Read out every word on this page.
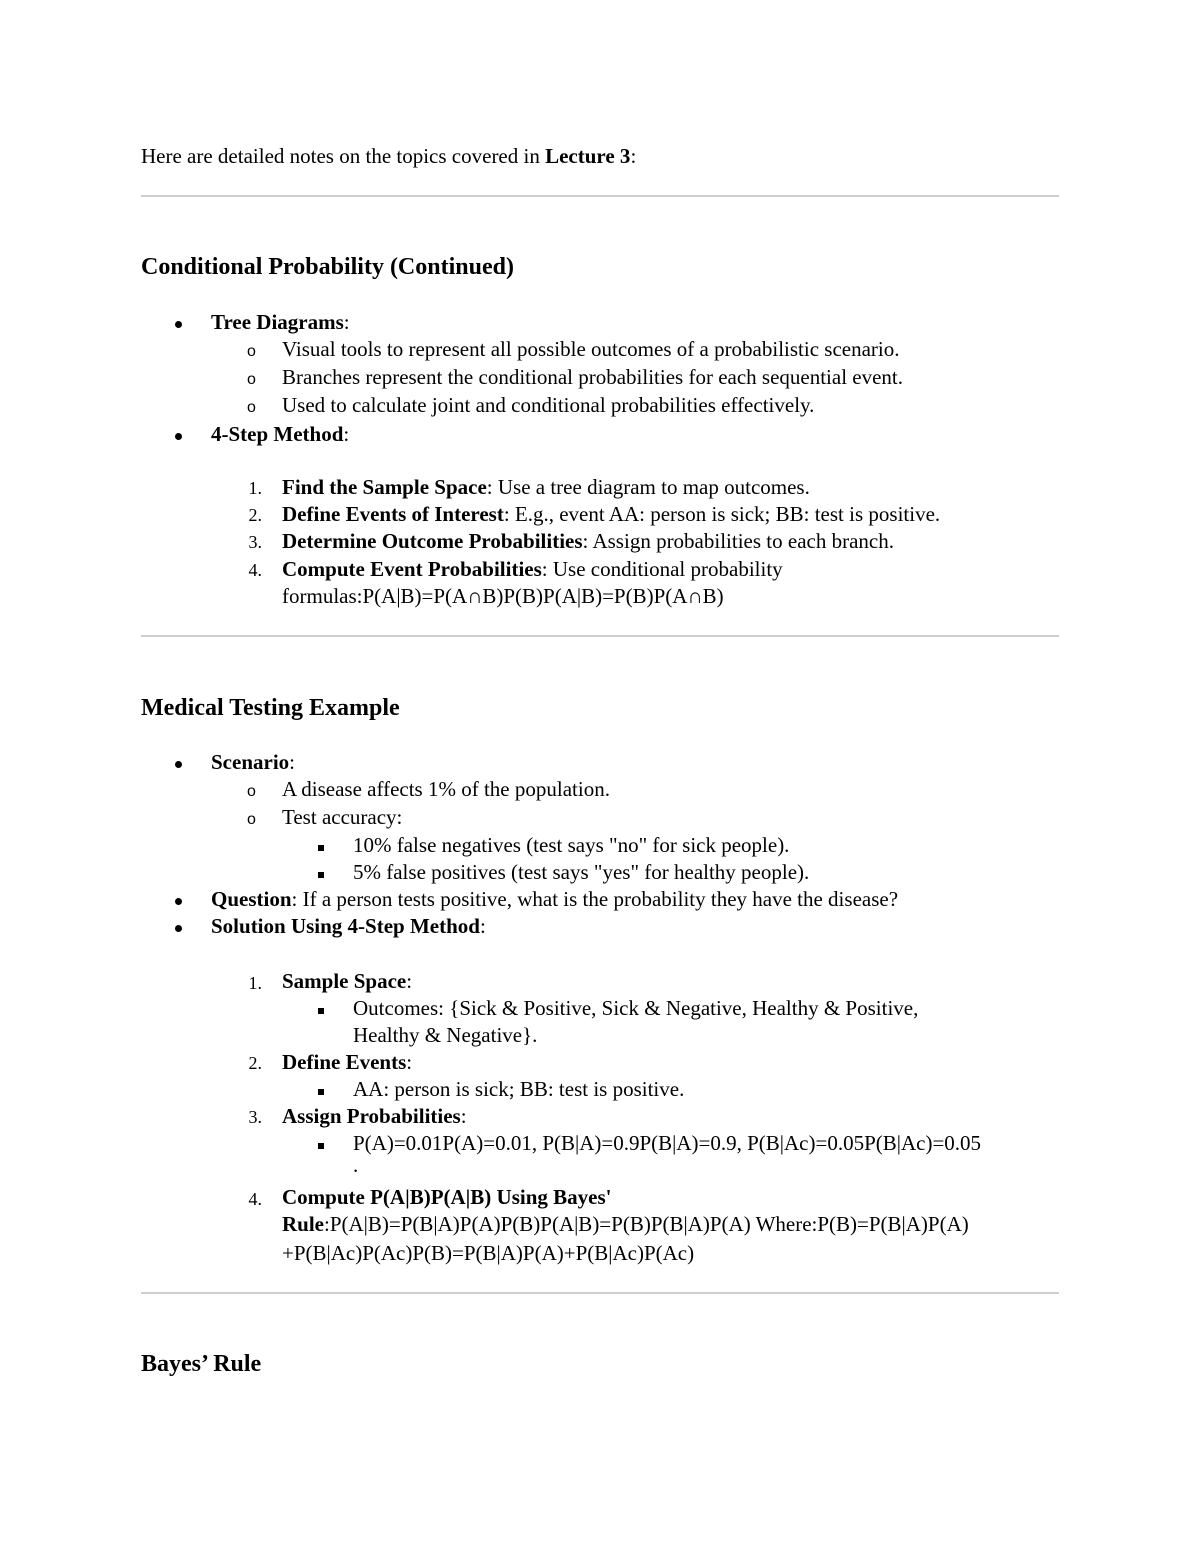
Here are detailed notes on the topics covered in Lecture 3:
Conditional Probability (Continued)
Tree Diagrams:
o Visual tools to represent all possible outcomes of a probabilistic scenario.
o Branches represent the conditional probabilities for each sequential event.
o Used to calculate joint and conditional probabilities effectively.
4-Step Method:
1. Find the Sample Space: Use a tree diagram to map outcomes.
2. Define Events of Interest: E.g., event AA: person is sick; BB: test is positive.
3. Determine Outcome Probabilities: Assign probabilities to each branch.
4. Compute Event Probabilities: Use conditional probability
formulas:P(A|B)=P(A∩B)P(B)P(A|B)=P(B)P(A∩B)
Medical Testing Example
Scenario:
o A disease affects 1% of the population.
o Test accuracy:
10% false negatives (test says "no" for sick people).
5% false positives (test says "yes" for healthy people).
Question: If a person tests positive, what is the probability they have the disease?
Solution Using 4-Step Method:
1. Sample Space:
Outcomes: {Sick & Positive, Sick & Negative, Healthy & Positive,
Healthy & Negative}.
2. Define Events:
AA: person is sick; BB: test is positive.
3. Assign Probabilities:
P(A)=0.01P(A)=0.01, P(B|A)=0.9P(B|A)=0.9, P(B|Ac)=0.05P(B|Ac)=0.05
.
4. Compute P(A|B)P(A|B) Using Bayes'
Rule:P(A|B)=P(B|A)P(A)P(B)P(A|B)=P(B)P(B|A)P(A) Where:P(B)=P(B|A)P(A)
+P(B|Ac)P(Ac)P(B)=P(B|A)P(A)+P(B|Ac)P(Ac)
Bayes’ Rule
